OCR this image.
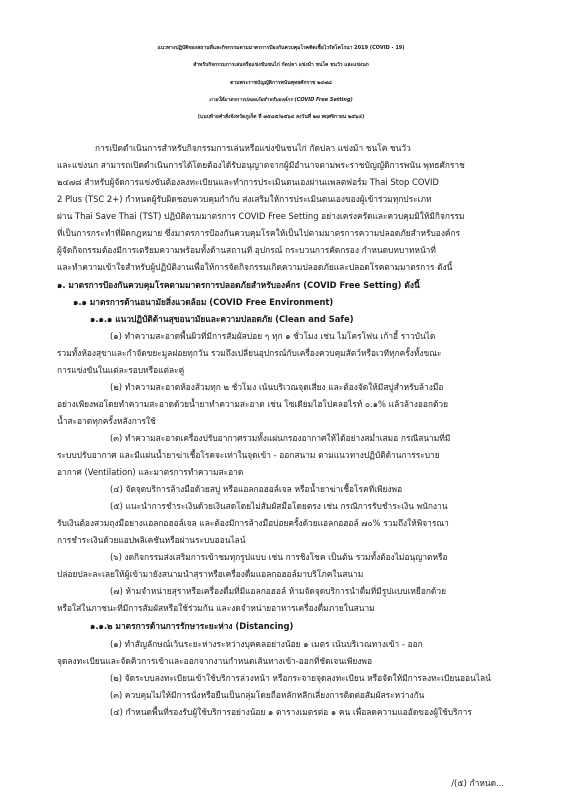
แนวทางปฏิบัติของสถานที่และกิจกรรมตามมาตรการป้องกันควบคุมโรคติดเชื้อไวรัสโคโรนา 2019 (COVID - 19)
สำหรับกิจกรรมการเล่นหรือแข่งขันชนไก่ กัดปลา แข่งม้า ชนโค ชนวัว และแข่งนก
ตามพระราชบัญญัติการพนันพุทธศักราช ๒๔๗๘
ภายใต้มาตรการปลอดภัยสำหรับองค์กร (COVID Free Setting)
(แนบท้ายคำสั่งจังหวัดภูเก็ต ที่ ๗๕๘๕/๒๕๖๔ ลงวันที่ ๒๗ พฤศจิกายน ๒๕๖๔)
การเปิดดำเนินการสำหรับกิจกรรมการเล่นหรือแข่งขันชนไก่ กัดปลา แข่งม้า ชนโค ชนวัว
และแข่งนก สามารถเปิดดำเนินการได้โดยต้องได้รับอนุญาตจากผู้มีอำนาจตามพระราชบัญญัติการพนัน พุทธศักราช
๒๔๗๘ สำหรับผู้จัดการแข่งขันต้องลงทะเบียนและทำการประเมินตนเองผ่านแพลตฟอร์ม Thai Stop COVID
2 Plus (TSC 2+) กำหนดผู้รับผิดชอบควบคุมกำกับ ส่งเสริมให้การประเมินตนเองของผู้เข้าร่วมทุกประเภท
ผ่าน Thai Save Thai (TST) ปฏิบัติตามมาตรการ COVID Free Setting อย่างเคร่งครัดและควบคุมมิให้มีกิจกรรม
ที่เป็นการกระทำที่ผิดกฎหมาย ซึ่งมาตรการป้องกันควบคุมโรคให้เป็นไปตามมาตรการความปลอดภัยสำหรับองค์กร
ผู้จัดกิจกรรมต้องมีการเตรียมความพร้อมทั้งด้านสถานที่ อุปกรณ์ กระบวนการคัดกรอง กำหนดบทบาทหน้าที่
และทำความเข้าใจสำหรับผู้ปฏิบัติงานเพื่อให้การจัดกิจกรรมเกิดความปลอดภัยและปลอดโรคตามมาตรการ ดังนี้
๑. มาตรการป้องกันควบคุมโรคตามมาตรการปลอดภัยสำหรับองค์กร (COVID Free Setting) ดังนี้
๑.๑ มาตรการด้านอนามัยสิ่งแวดล้อม (COVID Free Environment)
๑.๑.๑ แนวปฏิบัติด้านสุขอนามัยและความปลอดภัย (Clean and Safe)
(๑) ทำความสะอาดพื้นผิวที่มีการสัมผัสบ่อย ๆ ทุก ๑ ชั่วโมง เช่น ไมโครโฟน เก้าอี้ ราวบันได
รวมทั้งห้องสุขาและกำจัดขยะมูลฝอยทุกวัน รวมถึงเปลี่ยนอุปกรณ์กับเครื่องควบคุมสัตว์หรือเวทีทุกครั้งทั้งขณะ
การแข่งขันในแต่ละรอบหรือแต่ละคู่
(๒) ทำความสะอาดห้องส้วมทุก ๒ ชั่วโมง เน้นบริเวณจุดเสี่ยง และต้องจัดให้มีสบู่สำหรับล้างมือ
อย่างเพียงพอโดยทำความสะอาดด้วยน้ำยาทำความสะอาด เช่น โซเดียมไฮโปคลอไรท์ ๐.๑% แล้วล้างออกด้วย
น้ำสะอาดทุกครั้งหลังการใช้
(๓) ทำความสะอาดเครื่องปรับอากาศรวมทั้งแผ่นกรองอากาศให้ได้อย่างสม่ำเสมอ กรณีสนามที่มี
ระบบปรับอากาศ และมีแผ่นน้ำยาฆ่าเชื้อโรคจะเท่าในจุดเข้า - ออกสนาม ตามแนวทางปฏิบัติด้านการระบาย
อากาศ (Ventilation) และมาตรการทำความสะอาด
(๔) จัดจุดบริการล้างมือด้วยสบู่ หรือแอลกอฮอล์เจล หรือน้ำยาฆ่าเชื้อโรคที่เพียงพอ
(๕) แนะนำการชำระเงินด้วยเงินสดโดยไม่สัมผัสมือโดยตรง เช่น กรณีการรับชำระเงิน พนักงาน
รับเงินต้องสวมถุงมือยางแอลกอฮอล์เจล และต้องมีการล้างมือบ่อยครั้งด้วยแอลกอฮอล์ ๗๐% รวมถึงให้พิจารณา
การชำระเงินด้วยแอปพลิเคชันหรือผ่านระบบออนไลน์
(๖) งดกิจกรรมส่งเสริมการเข้าชมทุกรูปแบบ เช่น การชิงโชค เป็นต้น รวมทั้งต้องไม่อนุญาตหรือ
ปล่อยปละละเลยให้ผู้เข้ามายังสนามนำสุราหรือเครื่องดื่มแอลกอฮอล์มาบริโภคในสนาม
(๗) ห้ามจำหน่ายสุราหรือเครื่องดื่มที่มีแอลกอฮอล์ ห้ามจัดจุดบริการนำดื่มที่มีรูปแบบเหยือกด้วย
หรือใส่ในภาชนะที่มีการสัมผัสหรือใช้ร่วมกัน และงดจำหน่ายอาหารเครื่องดื่มภายในสนาม
๑.๑.๒ มาตรการด้านการรักษาระยะห่าง (Distancing)
(๑) ทำสัญลักษณ์เว้นระยะห่างระหว่างบุคคลอย่างน้อย ๑ เมตร เน้นบริเวณทางเข้า - ออก
จุดลงทะเบียนและจัดคิวการเข้าและออกจากงานกำหนดเส้นทางเข้า-ออกที่ชัดเจนเพียงพอ
(๒) จัดระบบลงทะเบียนเข้าใช้บริการล่วงหน้า หรือกระจายจุดลงทะเบียน หรือจัดให้มีการลงทะเบียนออนไลน์
(๓) ควบคุมไม่ให้มีการนั่งหรือยืนเป็นกลุ่มโดยถือหลักหลีกเลี่ยงการติดต่อสัมผัสระหว่างกัน
(๔) กำหนดพื้นที่รองรับผู้ใช้บริการอย่างน้อย ๑ ตารางเมตรต่อ ๑ คน เพื่อลดความแออัดของผู้ใช้บริการ
/(๕) กำหนด...
